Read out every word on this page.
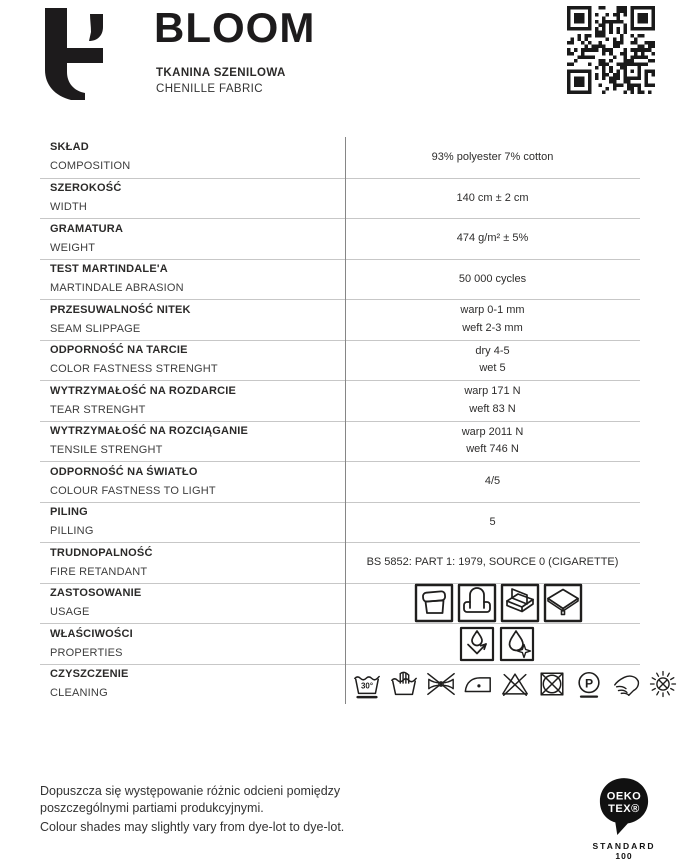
BLOOM
TKANINA SZENILOWA
CHENILLE FABRIC
SKŁAD
COMPOSITION
93% polyester 7% cotton
SZEROKOŚĆ
WIDTH
140 cm ± 2 cm
GRAMATURA
WEIGHT
474 g/m² ± 5%
TEST MARTINDALE'A
MARTINDALE ABRASION
50 000 cycles
PRZESUWALNOŚĆ NITEK
SEAM SLIPPAGE
warp 0-1 mm
weft 2-3 mm
ODPORNOŚĆ NA TARCIE
COLOR FASTNESS STRENGHT
dry 4-5
wet 5
WYTRZYMAŁOŚĆ NA ROZDARCIE
TEAR STRENGHT
warp 171 N
weft 83 N
WYTRZYMAŁOŚĆ NA ROZCIĄGANIE
TENSILE STRENGHT
warp 2011 N
weft 746 N
ODPORNOŚĆ NA ŚWIATŁO
COLOUR FASTNESS TO LIGHT
4/5
PILING
PILLING
5
TRUDNOPALNOŚĆ
FIRE RETANDANT
BS 5852: PART 1: 1979, SOURCE 0 (CIGARETTE)
ZASTOSOWANIE
USAGE
WŁAŚCIWOŚCI
PROPERTIES
CZYSZCZENIE
CLEANING
30°	P
Dopuszcza się występowanie różnic odcieni pomiędzy poszczególnymi partiami produkcyjnymi.
Colour shades may slightly vary from dye-lot to dye-lot.
OEKO
TEX®
STANDARD
100
